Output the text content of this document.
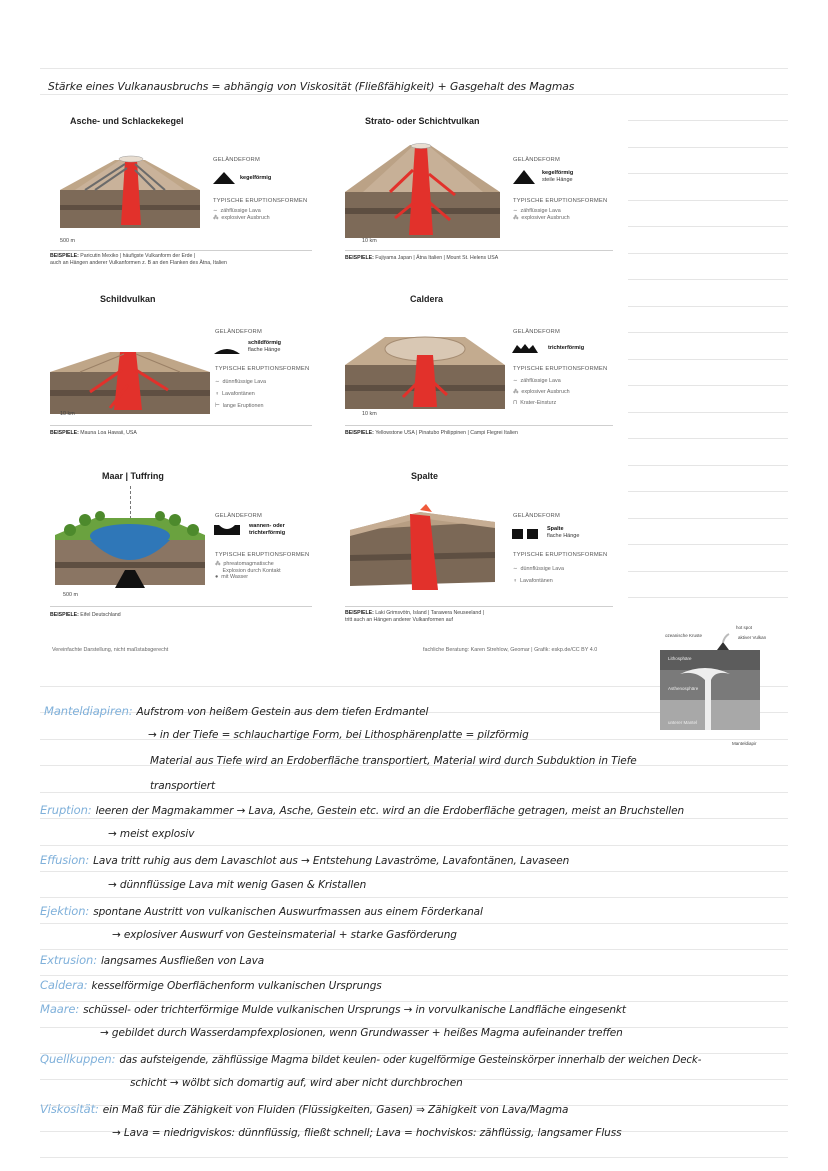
Stärke eines Vulkanausbruchs = abhängig von Viskosität (Fließfähigkeit) + Gasgehalt des Magmas
Asche- und Schlackekegel
GELÄNDEFORM
kegelförmig
TYPISCHE ERUPTIONSFORMEN
∼ zähflüssige Lava
⁂ explosiver Ausbruch
500 m
BEISPIELE: Paricutin Mexiko | häufigste Vulkanform der Erde |
auch an Hängen anderer Vulkanformen z. B an den Flanken des Ätna, Italien
Strato- oder Schichtvulkan
GELÄNDEFORM
kegelförmig
steile Hänge
TYPISCHE ERUPTIONSFORMEN
∼ zähflüssige Lava
⁂ explosiver Ausbruch
10 km
BEISPIELE: Fujiyama Japan | Ätna Italien | Mount St. Helens USA
Schildvulkan
GELÄNDEFORM
schildförmig
flache Hänge
TYPISCHE ERUPTIONSFORMEN
∼ dünnflüssige Lava
♆ Lavafontänen
⊢ lange Eruptionen
10 km
BEISPIELE: Mauna Loa Hawaii, USA
Caldera
GELÄNDEFORM
trichterförmig
TYPISCHE ERUPTIONSFORMEN
∼ zähflüssige Lava
⁂ explosiver Ausbruch
⊓ Krater-Einsturz
10 km
BEISPIELE: Yellowstone USA | Pinatubo Philippinen | Campi Flegrei Italien
Maar | Tuffring
GELÄNDEFORM
wannen- oder
trichterförmig
TYPISCHE ERUPTIONSFORMEN
⁂ phreatomagmatische
Explosion durch Kontakt
● mit Wasser
500 m
BEISPIELE: Eifel Deutschland
Spalte
GELÄNDEFORM
Spalte
flache Hänge
TYPISCHE ERUPTIONSFORMEN
∼ dünnflüssige Lava
♆ Lavafontänen
BEISPIELE: Laki Grimsvötn, Island | Tarawera Neuseeland |
tritt auch an Hängen anderer Vulkanformen auf
Vereinfachte Darstellung, nicht maßstabsgerecht	fachliche Beratung: Karen Strehlow, Geomar | Grafik: eskp.de/CC BY 4.0
hot spot
ozeanische Kruste	aktiver Vulkan
Lithosphäre
Asthenosphäre
unterer Mantel
Manteldiapir
Manteldiapiren: Aufstrom von heißem Gestein aus dem tiefen Erdmantel
→ in der Tiefe = schlauchartige Form, bei Lithosphärenplatte = pilzförmig
Material aus Tiefe wird an Erdoberfläche transportiert, Material wird durch Subduktion in Tiefe
transportiert
Eruption: leeren der Magmakammer → Lava, Asche, Gestein etc. wird an die Erdoberfläche getragen, meist an Bruchstellen
→ meist explosiv
Effusion: Lava tritt ruhig aus dem Lavaschlot aus → Entstehung Lavaströme, Lavafontänen, Lavaseen
→ dünnflüssige Lava mit wenig Gasen & Kristallen
Ejektion: spontane Austritt von vulkanischen Auswurfmassen aus einem Förderkanal
→ explosiver Auswurf von Gesteinsmaterial + starke Gasförderung
Extrusion: langsames Ausfließen von Lava
Caldera: kesselförmige Oberflächenform vulkanischen Ursprungs
Maare: schüssel- oder trichterförmige Mulde vulkanischen Ursprungs → in vorvulkanische Landfläche eingesenkt
→ gebildet durch Wasserdampfexplosionen, wenn Grundwasser + heißes Magma aufeinander treffen
Quellkuppen: das aufsteigende, zähflüssige Magma bildet keulen- oder kugelförmige Gesteinskörper innerhalb der weichen Deck-
schicht → wölbt sich domartig auf, wird aber nicht durchbrochen
Viskosität: ein Maß für die Zähigkeit von Fluiden (Flüssigkeiten, Gasen) ⇒ Zähigkeit von Lava/Magma
→ Lava = niedrigviskos: dünnflüssig, fließt schnell; Lava = hochviskos: zähflüssig, langsamer Fluss
